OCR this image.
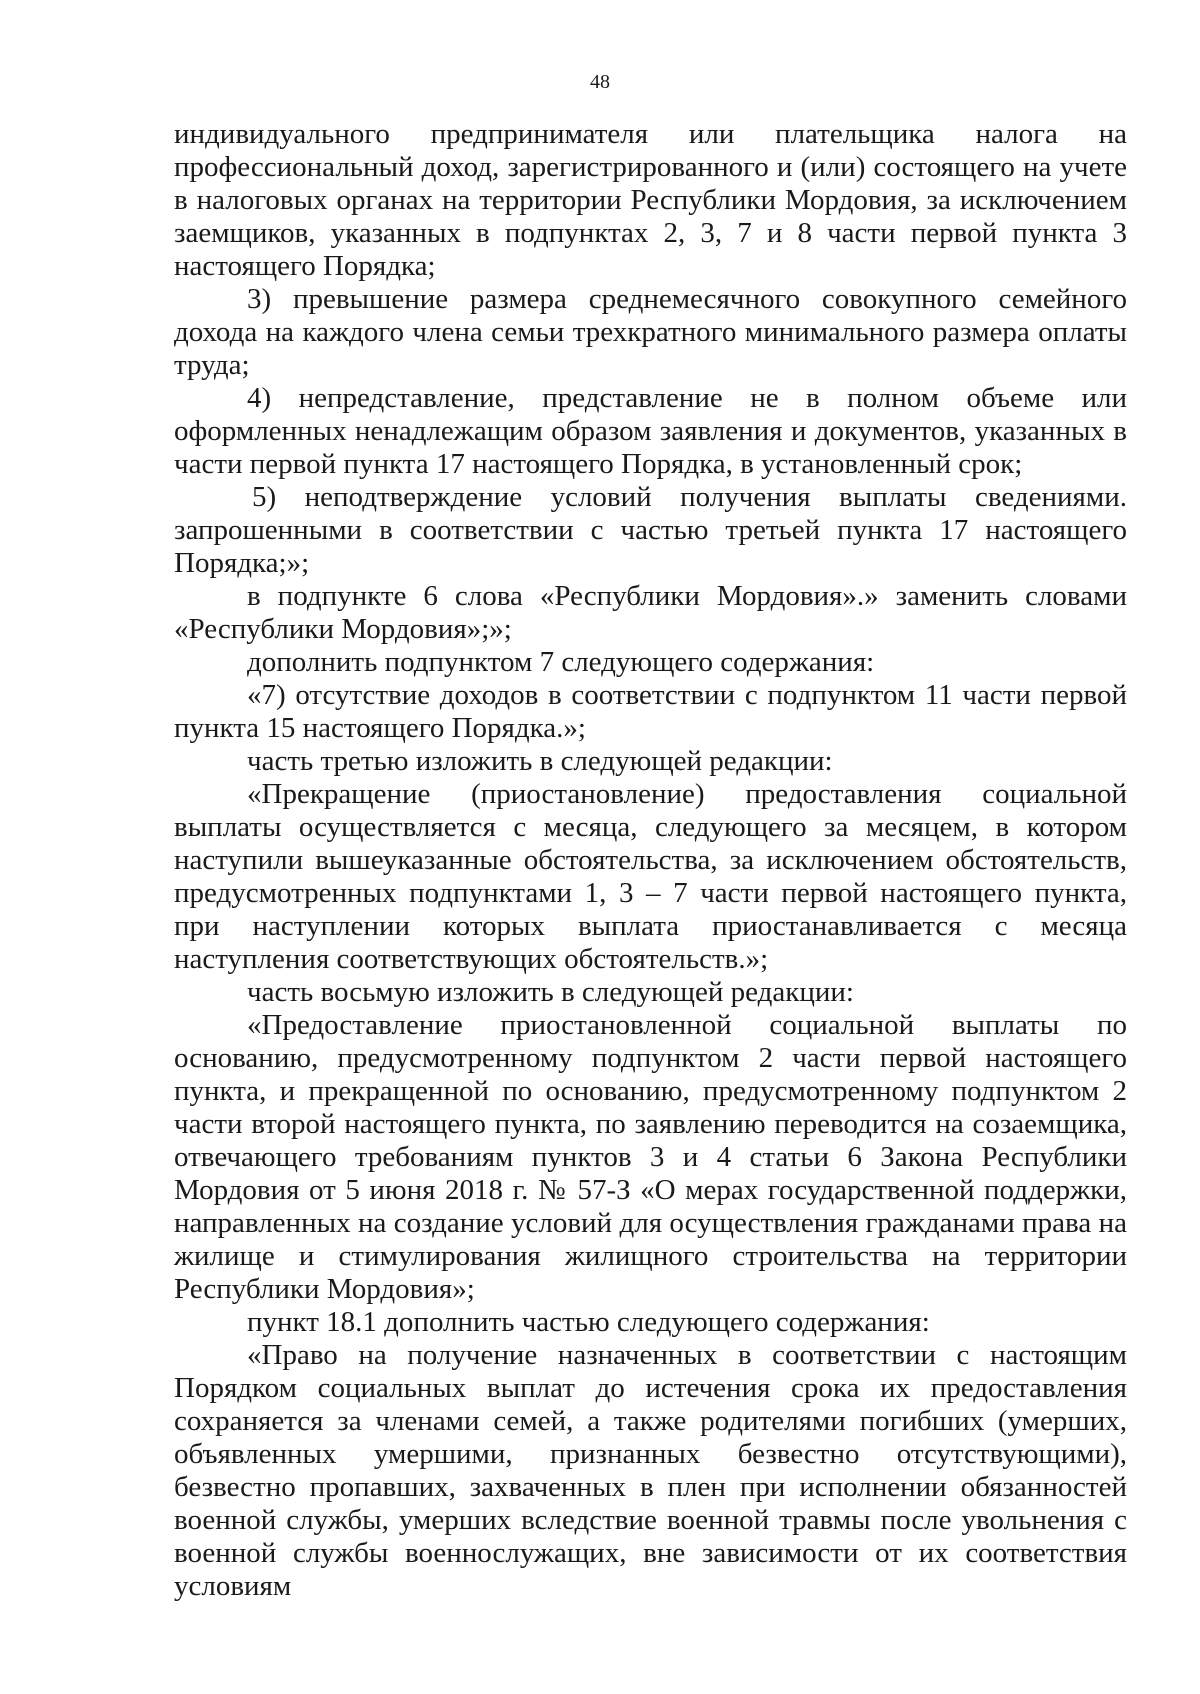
48

индивидуального предпринимателя или плательщика налога на профессиональный доход, зарегистрированного и (или) состоящего на учете в налоговых органах на территории Республики Мордовия, за исключением заемщиков, указанных в подпунктах 2, 3, 7 и 8 части первой пункта 3 настоящего Порядка;

3) превышение размера среднемесячного совокупного семейного дохода на каждого члена семьи трехкратного минимального размера оплаты труда;

4) непредставление, представление не в полном объеме или оформленных ненадлежащим образом заявления и документов, указанных в части первой пункта 17 настоящего Порядка, в установленный срок;

5) неподтверждение условий получения выплаты сведениями. запрошенными в соответствии с частью третьей пункта 17 настоящего Порядка;»;

в подпункте 6 слова «Республики Мордовия».» заменить словами «Республики Мордовия»;»;

дополнить подпунктом 7 следующего содержания:

«7) отсутствие доходов в соответствии с подпунктом 11 части первой пункта 15 настоящего Порядка.»;

часть третью изложить в следующей редакции:

«Прекращение (приостановление) предоставления социальной выплаты осуществляется с месяца, следующего за месяцем, в котором наступили вышеуказанные обстоятельства, за исключением обстоятельств, предусмотренных подпунктами 1, 3 – 7 части первой настоящего пункта, при наступлении которых выплата приостанавливается с месяца наступления соответствующих обстоятельств.»;

часть восьмую изложить в следующей редакции:

«Предоставление приостановленной социальной выплаты по основанию, предусмотренному подпунктом 2 части первой настоящего пункта, и прекращенной по основанию, предусмотренному подпунктом 2 части второй настоящего пункта, по заявлению переводится на созаемщика, отвечающего требованиям пунктов 3 и 4 статьи 6 Закона Республики Мордовия от 5 июня 2018 г. № 57-З «О мерах государственной поддержки, направленных на создание условий для осуществления гражданами права на жилище и стимулирования жилищного строительства на территории Республики Мордовия»;

пункт 18.1 дополнить частью следующего содержания:

«Право на получение назначенных в соответствии с настоящим Порядком социальных выплат до истечения срока их предоставления сохраняется за членами семей, а также родителями погибших (умерших, объявленных умершими, признанных безвестно отсутствующими), безвестно пропавших, захваченных в плен при исполнении обязанностей военной службы, умерших вследствие военной травмы после увольнения с военной службы военнослужащих, вне зависимости от их соответствия условиям
